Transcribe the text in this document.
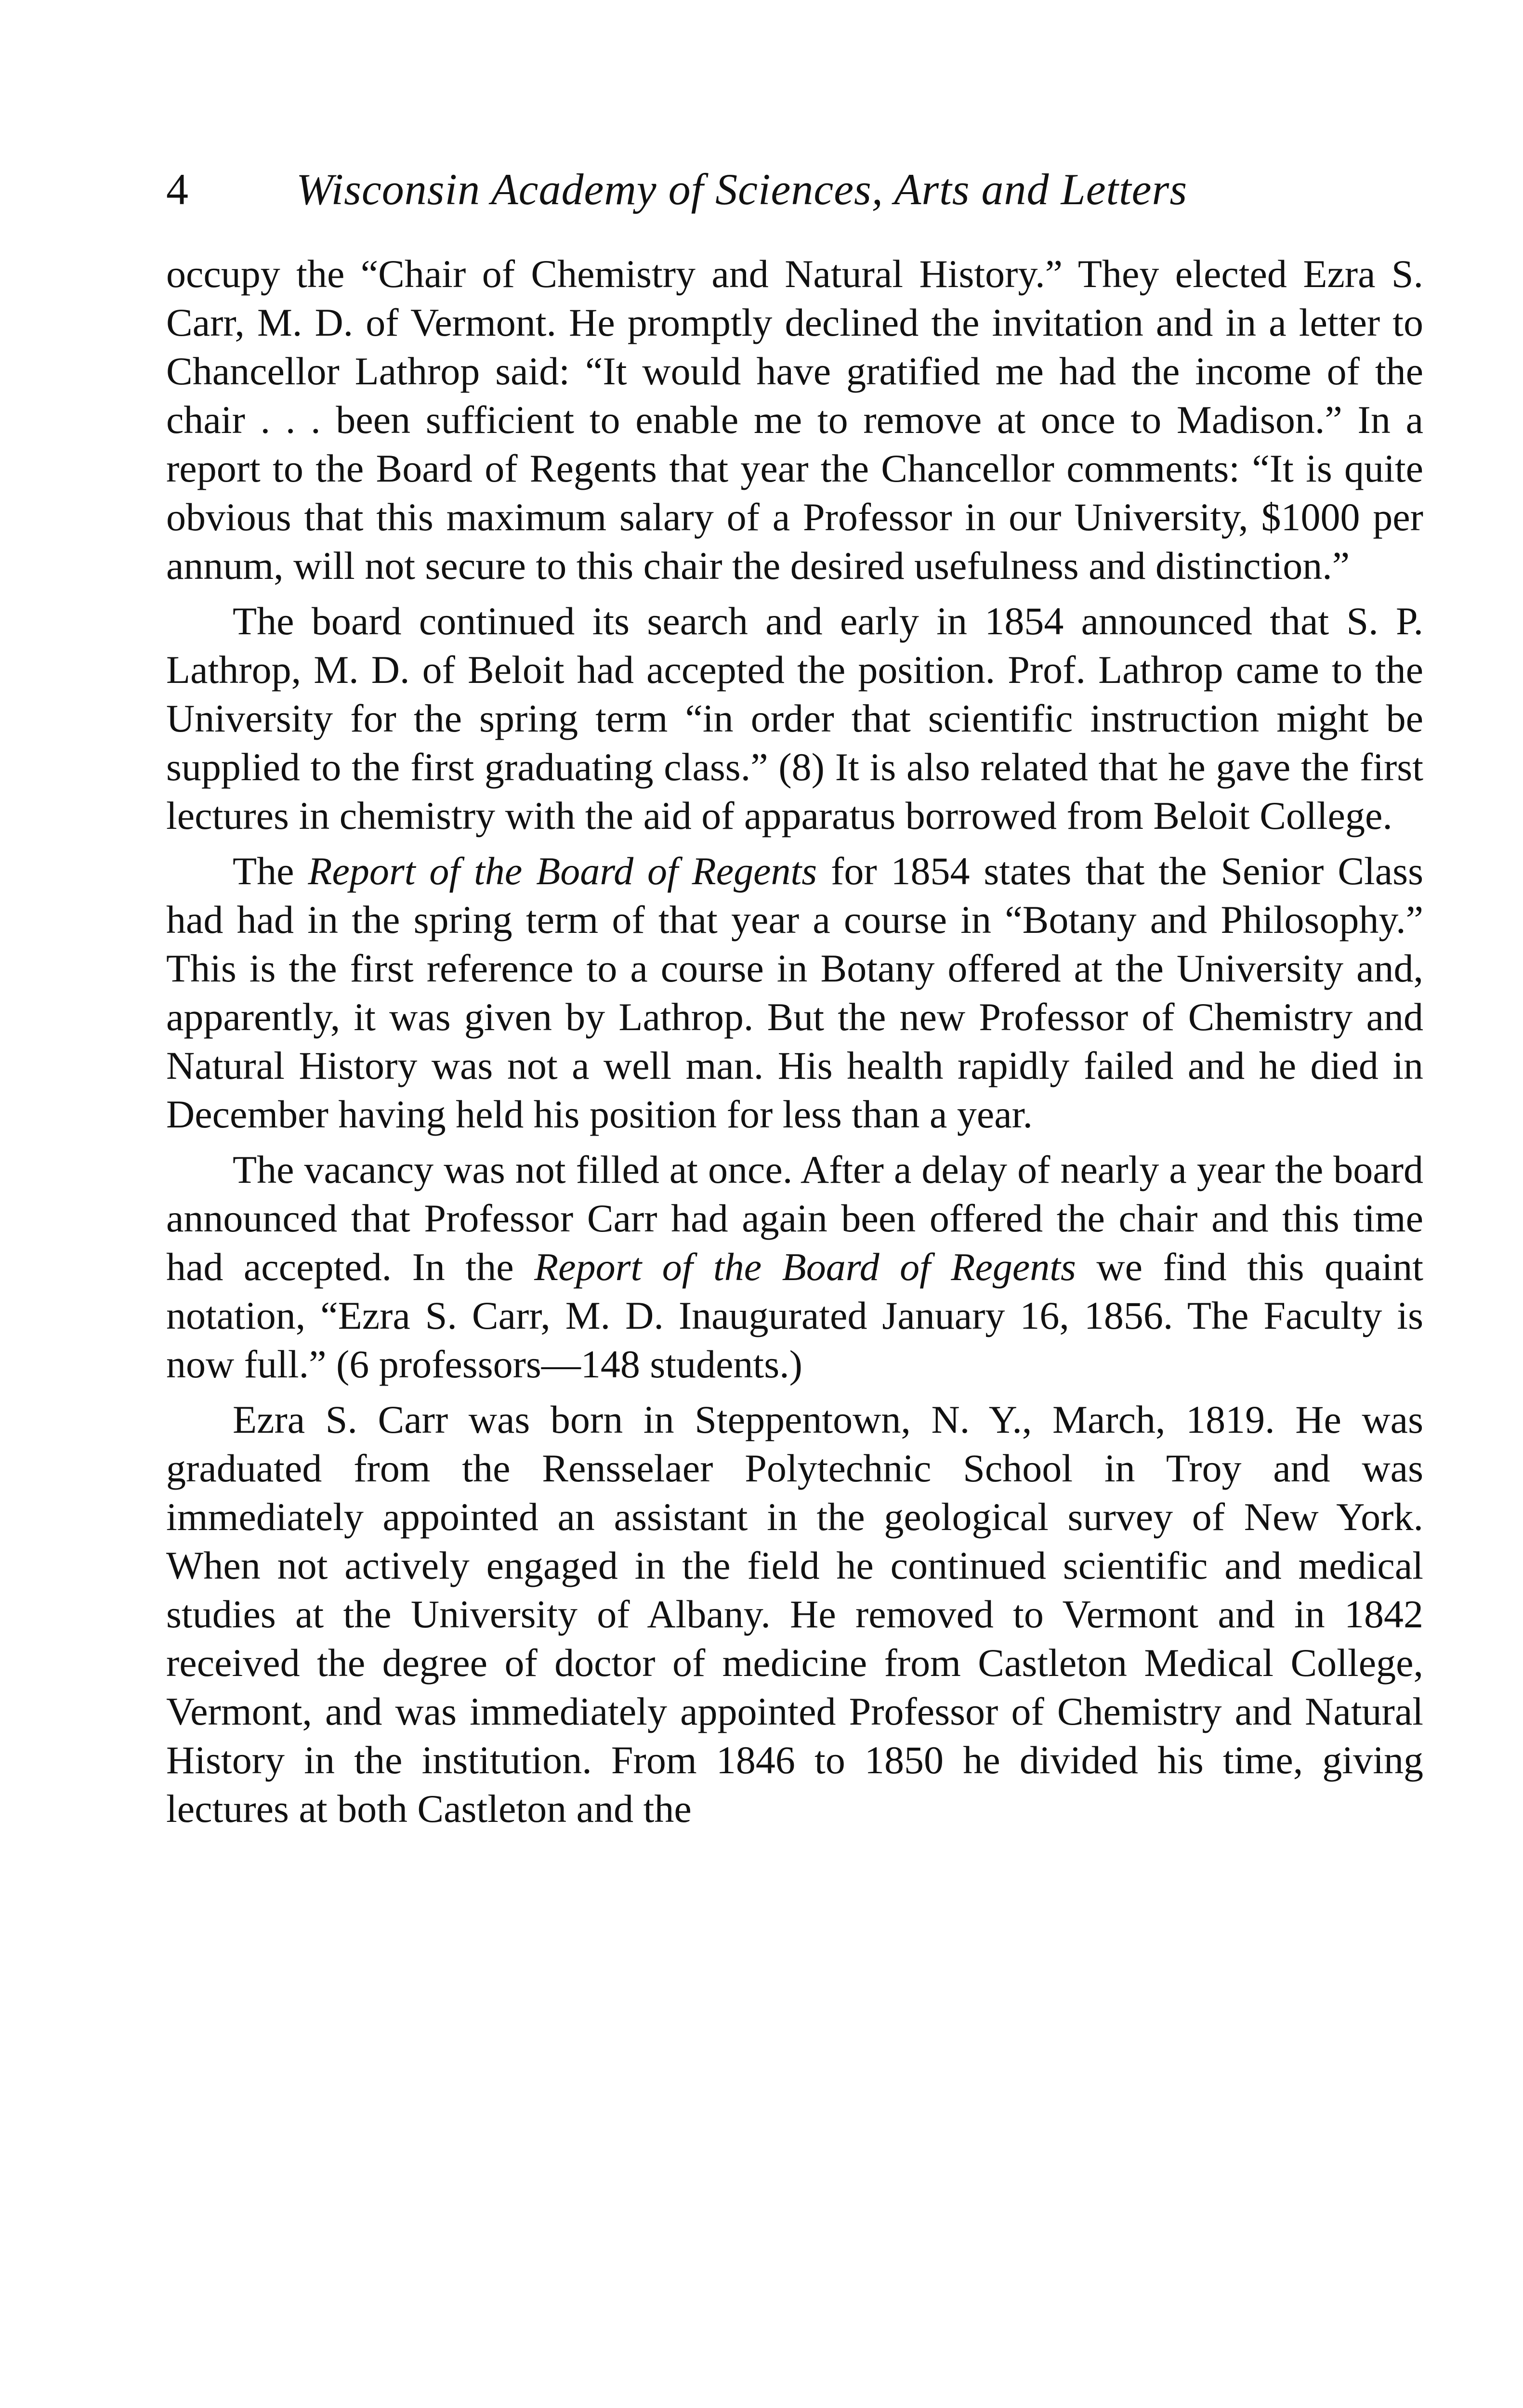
4 Wisconsin Academy of Sciences, Arts and Letters

occupy the “Chair of Chemistry and Natural History.” They elected Ezra S. Carr, M. D. of Vermont. He promptly declined the invitation and in a letter to Chancellor Lathrop said: “It would have gratified me had the income of the chair . . . been sufficient to enable me to remove at once to Madison.” In a report to the Board of Regents that year the Chancellor comments: “It is quite obvious that this maximum salary of a Professor in our University, $1000 per annum, will not secure to this chair the desired usefulness and distinction.”

The board continued its search and early in 1854 announced that S. P. Lathrop, M. D. of Beloit had accepted the position. Prof. Lathrop came to the University for the spring term “in order that scientific instruction might be supplied to the first graduating class.” (8) It is also related that he gave the first lectures in chemistry with the aid of apparatus borrowed from Beloit College.

The Report of the Board of Regents for 1854 states that the Senior Class had had in the spring term of that year a course in “Botany and Philosophy.” This is the first reference to a course in Botany offered at the University and, apparently, it was given by Lathrop. But the new Professor of Chemistry and Natural History was not a well man. His health rapidly failed and he died in December having held his position for less than a year.

The vacancy was not filled at once. After a delay of nearly a year the board announced that Professor Carr had again been offered the chair and this time had accepted. In the Report of the Board of Regents we find this quaint notation, “Ezra S. Carr, M. D. Inaugurated January 16, 1856. The Faculty is now full.” (6 professors—148 students.)

Ezra S. Carr was born in Steppentown, N. Y., March, 1819. He was graduated from the Rensselaer Polytechnic School in Troy and was immediately appointed an assistant in the geological survey of New York. When not actively engaged in the field he continued scientific and medical studies at the University of Albany. He removed to Vermont and in 1842 received the degree of doctor of medicine from Castleton Medical College, Vermont, and was immediately appointed Professor of Chemistry and Natural History in the institution. From 1846 to 1850 he divided his time, giving lectures at both Castleton and the
